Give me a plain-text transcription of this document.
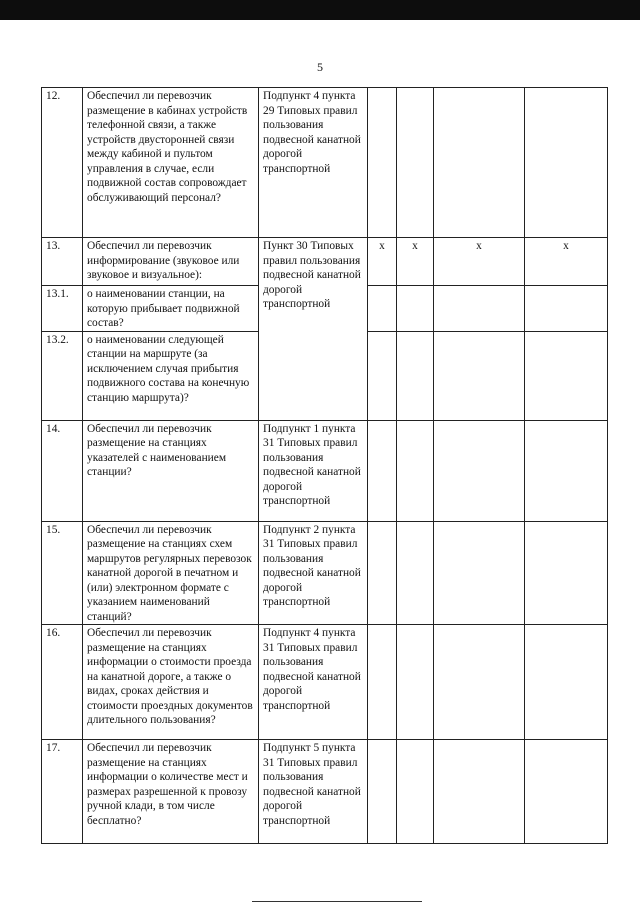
5
12.	Обеспечил ли перевозчик размещение в кабинах устройств телефонной связи, а также устройств двусторонней связи между кабиной и пультом управления в случае, если подвижной состав сопровождает обслуживающий персонал?	Подпункт 4 пункта 29 Типовых правил пользования подвесной канатной дорогой транспортной				
13.	Обеспечил ли перевозчик информирование (звуковое или звуковое и визуальное):	Пункт 30 Типовых правил пользования подвесной канатной дорогой транспортной	x	x	x	x
13.1.	о наименовании станции, на которую прибывает подвижной состав?					
13.2.	о наименовании следующей станции на маршруте (за исключением случая прибытия подвижного состава на конечную станцию маршрута)?					
14.	Обеспечил ли перевозчик размещение на станциях указателей с наименованием станции?	Подпункт 1 пункта 31 Типовых правил пользования подвесной канатной дорогой транспортной				
15.	Обеспечил ли перевозчик размещение на станциях схем маршрутов регулярных перевозок канатной дорогой в печатном и (или) электронном формате с указанием наименований станций?	Подпункт 2 пункта 31 Типовых правил пользования подвесной канатной дорогой транспортной				
16.	Обеспечил ли перевозчик размещение на станциях информации о стоимости проезда на канатной дороге, а также о видах, сроках действия и стоимости проездных документов длительного пользования?	Подпункт 4 пункта 31 Типовых правил пользования подвесной канатной дорогой транспортной				
17.	Обеспечил ли перевозчик размещение на станциях информации о количестве мест и размерах разрешенной к провозу ручной клади, в том числе бесплатно?	Подпункт 5 пункта 31 Типовых правил пользования подвесной канатной дорогой транспортной				
